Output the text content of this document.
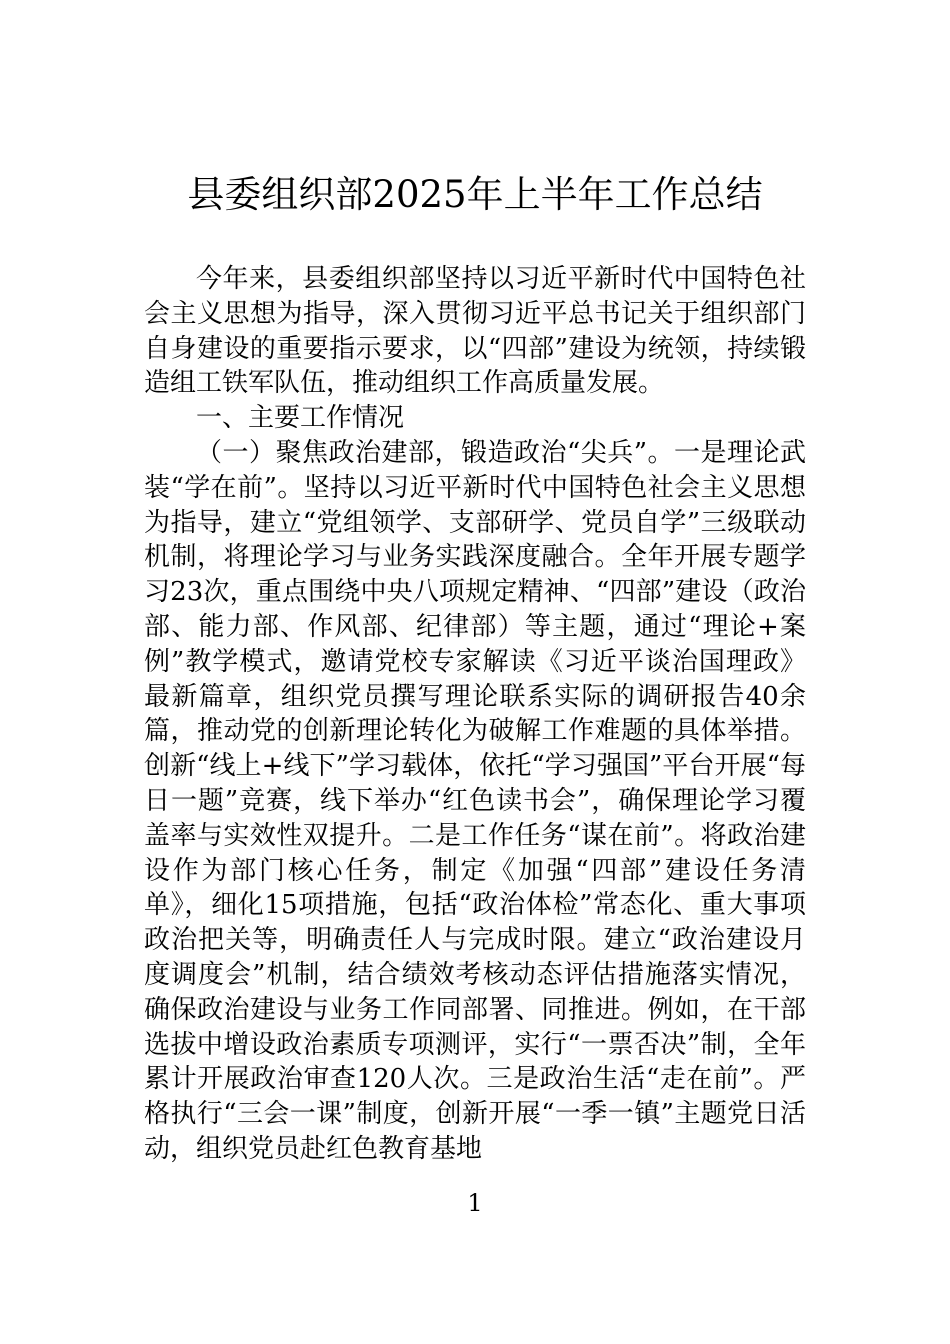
县委组织部2025年上半年工作总结

今年来，县委组织部坚持以习近平新时代中国特色社会主义思想为指导，深入贯彻习近平总书记关于组织部门自身建设的重要指示要求，以“四部”建设为统领，持续锻造组工铁军队伍，推动组织工作高质量发展。

一、主要工作情况

（一）聚焦政治建部，锻造政治“尖兵”。一是理论武装“学在前”。坚持以习近平新时代中国特色社会主义思想为指导，建立“党组领学、支部研学、党员自学”三级联动机制，将理论学习与业务实践深度融合。全年开展专题学习23次，重点围绕中央八项规定精神、“四部”建设（政治部、能力部、作风部、纪律部）等主题，通过“理论+案例”教学模式，邀请党校专家解读《习近平谈治国理政》最新篇章，组织党员撰写理论联系实际的调研报告40余篇，推动党的创新理论转化为破解工作难题的具体举措。创新“线上+线下”学习载体，依托“学习强国”平台开展“每日一题”竞赛，线下举办“红色读书会”，确保理论学习覆盖率与实效性双提升。二是工作任务“谋在前”。将政治建设作为部门核心任务，制定《加强“四部”建设任务清单》，细化15项措施，包括“政治体检”常态化、重大事项政治把关等，明确责任人与完成时限。建立“政治建设月度调度会”机制，结合绩效考核动态评估措施落实情况，确保政治建设与业务工作同部署、同推进。例如，在干部选拔中增设政治素质专项测评，实行“一票否决”制，全年累计开展政治审查120人次。三是政治生活“走在前”。严格执行“三会一课”制度，创新开展“一季一镇”主题党日活动，组织党员赴红色教育基地

1
